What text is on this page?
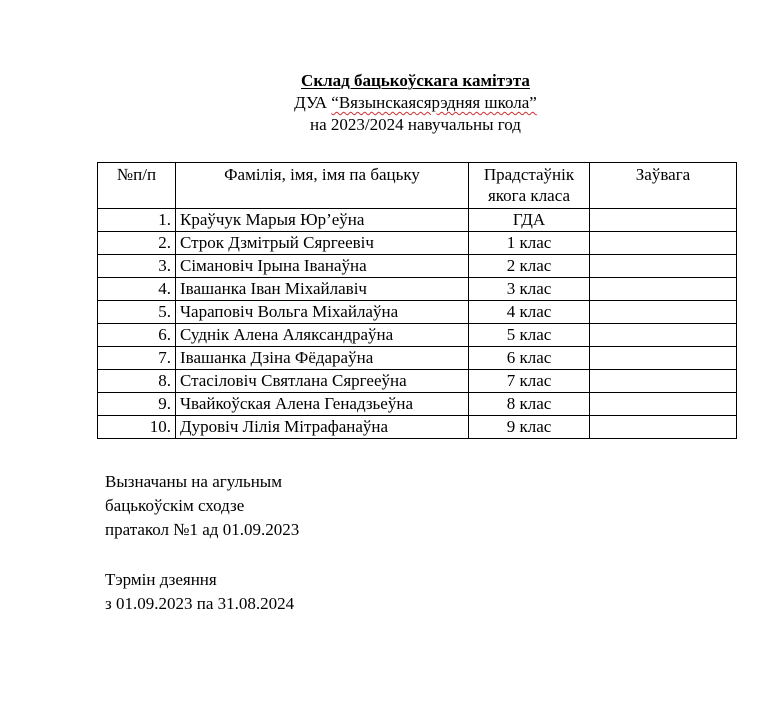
Склад бацькоўскага камітэта
ДУА “Вязынскаясярэдняя школа”
на 2023/2024 навучальны год
№п/п	Фамілія, імя, імя па бацьку	Прадстаўнік якога класа	Заўвага
1.	Краўчук Марыя Юр’еўна	ГДА	
2.	Строк Дзмітрый Сяргеевіч	1 клас	
3.	Сімановіч Ірына Іванаўна	2 клас	
4.	Івашанка Іван Міхайлавіч	3 клас	
5.	Чараповіч Вольга Міхайлаўна	4 клас	
6.	Суднік Алена Аляксандраўна	5 клас	
7.	Івашанка Дзіна Фёдараўна	6 клас	
8.	Стасіловіч Святлана Сяргееўна	7 клас	
9.	Чвайкоўская Алена Генадзьеўна	8 клас	
10.	Дуровіч Лілія Мітрафанаўна	9 клас	

Вызначаны на агульным

бацькоўскім сходзе

пратакол №1 ад 01.09.2023

Тэрмін дзеяння

з 01.09.2023 па 31.08.2024
